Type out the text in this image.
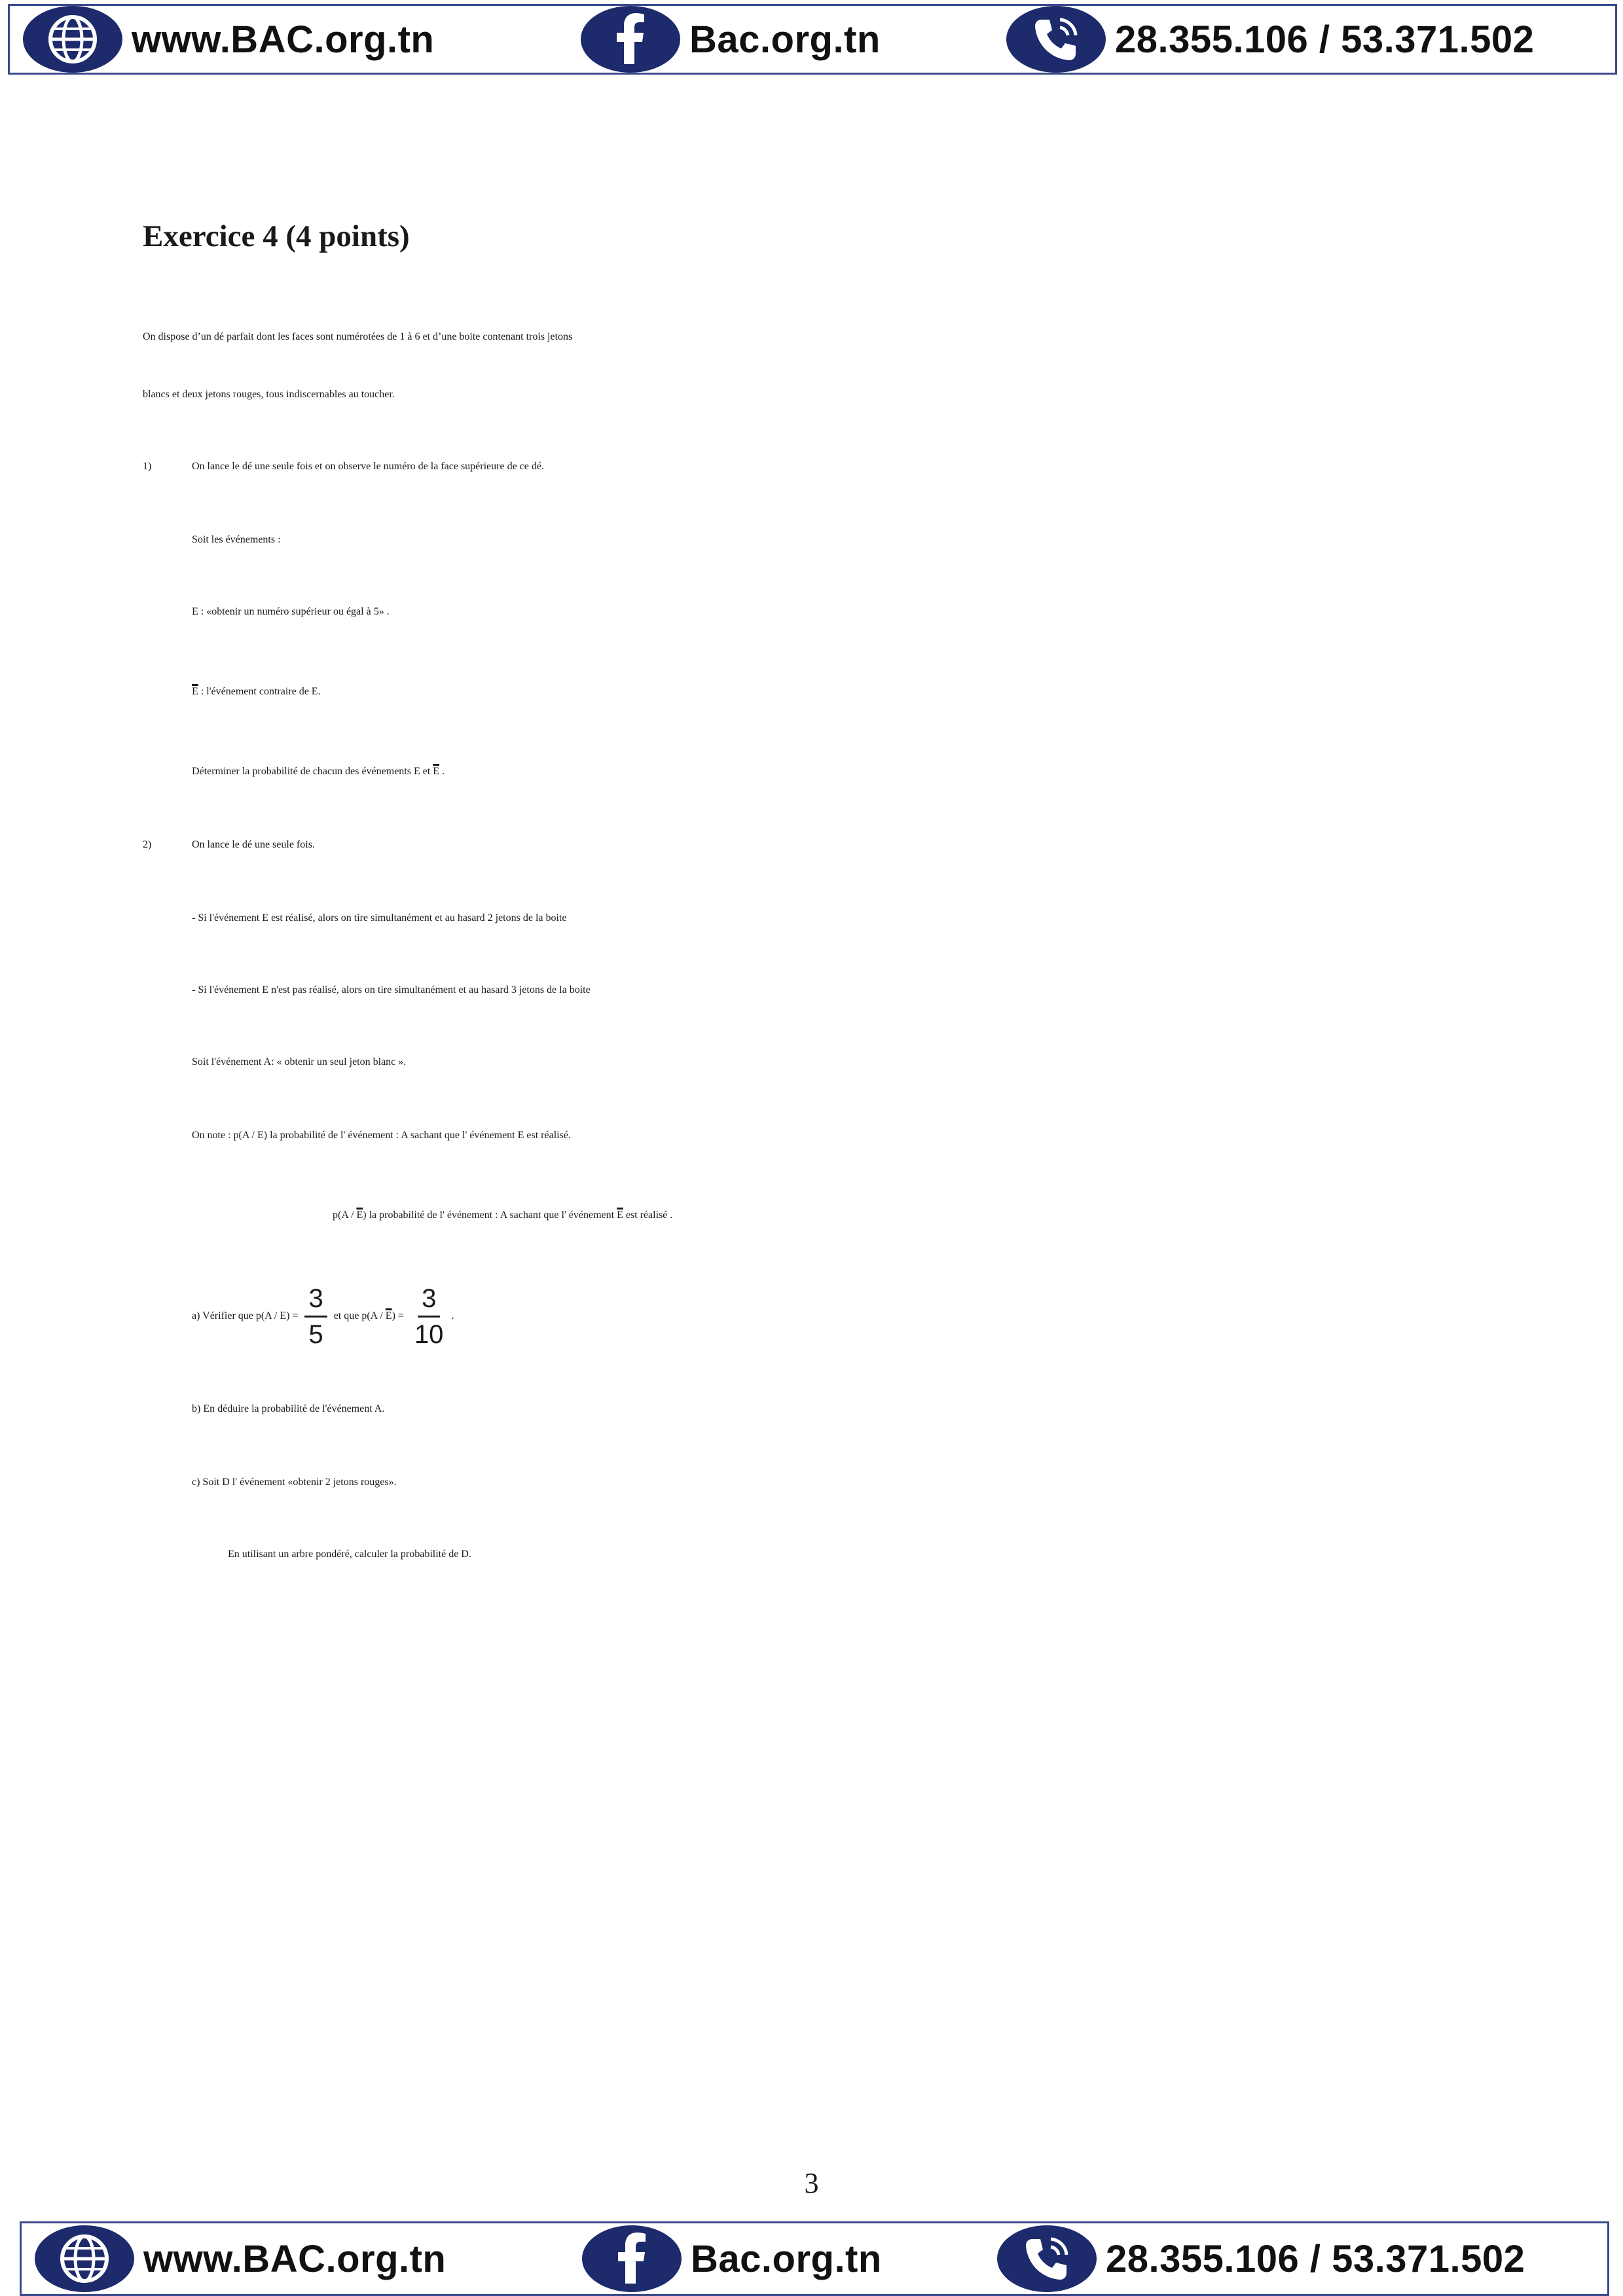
www.BAC.org.tn	Bac.org.tn	28.355.106 / 53.371.502
Exercice 4 (4 points)
On dispose d’un dé parfait dont les faces sont numérotées de 1 à 6 et d’une boite contenant trois jetons
blancs et deux jetons rouges, tous indiscernables au toucher.
1)	On lance le dé une seule fois et on observe le numéro de la face supérieure de ce dé.
Soit les événements :
E : «obtenir un numéro supérieur ou égal à 5» .
$\overline{E}$ : l'événement contraire de E.
Déterminer la probabilité de chacun des événements E et $\overline{E}$ .
2)	On lance le dé une seule fois.
- Si l'événement E est réalisé, alors on tire simultanément et au hasard 2 jetons de la boite
- Si l'événement E n'est pas réalisé, alors on tire simultanément et au hasard 3 jetons de la boite
Soit l'événement A: « obtenir un seul jeton blanc ».
On note : p(A / E) la probabilité de l' événement : A sachant que l' événement E est réalisé.
$p(A / \overline{E})$ la probabilité de l' événement : A sachant que l' événement $\overline{E}$ est réalisé .
a) Vérifier que $p(A / E) = \frac{3}{5}$ et que $p(A / \overline{E}) = \frac{3}{10}$ .
b) En déduire la probabilité de l'événement A.
c) Soit D l' événement «obtenir 2 jetons rouges».
En utilisant un arbre pondéré, calculer la probabilité de D.
3
www.BAC.org.tn	Bac.org.tn	28.355.106 / 53.371.502
